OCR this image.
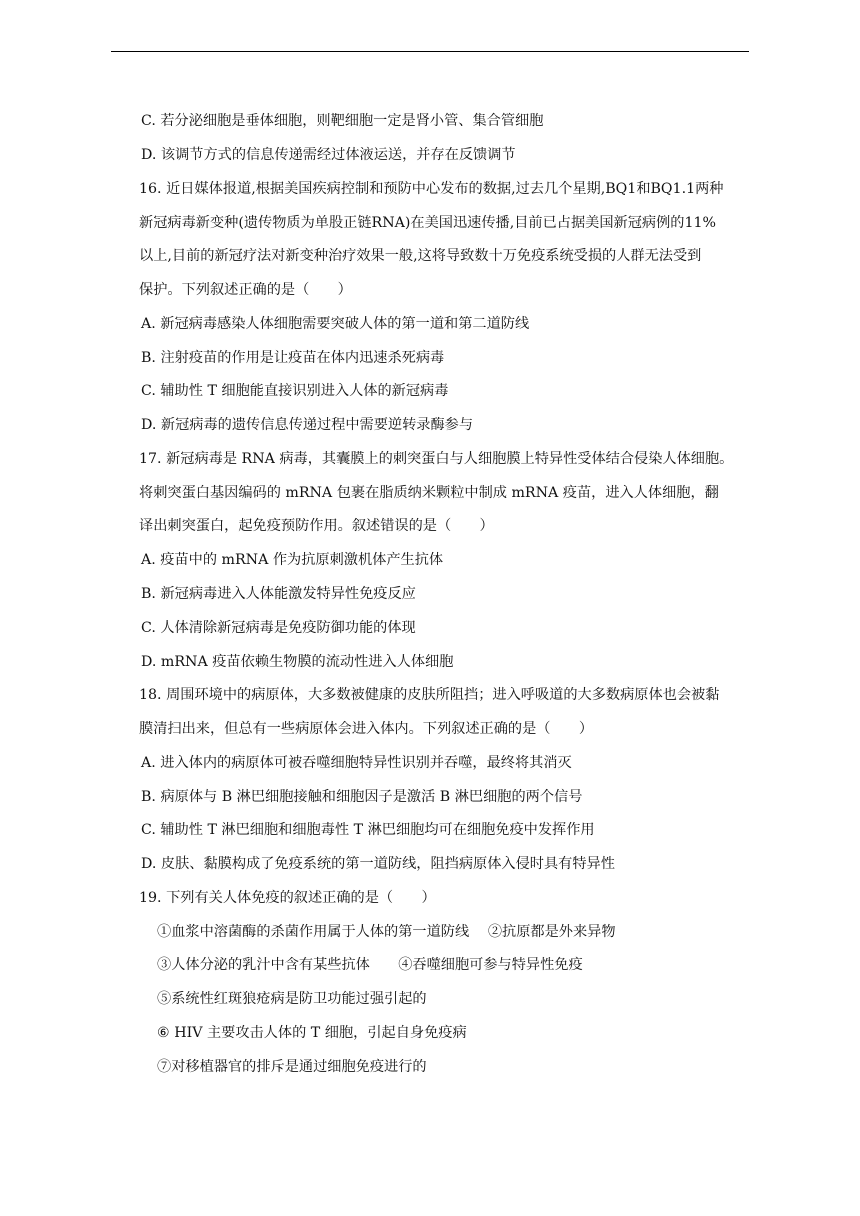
C. 若分泌细胞是垂体细胞，则靶细胞一定是肾小管、集合管细胞
D. 该调节方式的信息传递需经过体液运送，并存在反馈调节
16. 近日媒体报道,根据美国疾病控制和预防中心发布的数据,过去几个星期,BQ1和BQ1.1两种
新冠病毒新变种(遗传物质为单股正链RNA)在美国迅速传播,目前已占据美国新冠病例的11%
以上,目前的新冠疗法对新变种治疗效果一般,这将导致数十万免疫系统受损的人群无法受到
保护。下列叙述正确的是（　　）
A. 新冠病毒感染人体细胞需要突破人体的第一道和第二道防线
B. 注射疫苗的作用是让疫苗在体内迅速杀死病毒
C. 辅助性 T 细胞能直接识别进入人体的新冠病毒
D. 新冠病毒的遗传信息传递过程中需要逆转录酶参与
17. 新冠病毒是 RNA 病毒，其囊膜上的刺突蛋白与人细胞膜上特异性受体结合侵染人体细胞。
将刺突蛋白基因编码的 mRNA 包裹在脂质纳米颗粒中制成 mRNA 疫苗，进入人体细胞，翻
译出刺突蛋白，起免疫预防作用。叙述错误的是（　　）
A. 疫苗中的 mRNA 作为抗原刺激机体产生抗体
B. 新冠病毒进入人体能激发特异性免疫反应
C. 人体清除新冠病毒是免疫防御功能的体现
D. mRNA 疫苗依赖生物膜的流动性进入人体细胞
18. 周围环境中的病原体，大多数被健康的皮肤所阻挡；进入呼吸道的大多数病原体也会被黏
膜清扫出来，但总有一些病原体会进入体内。下列叙述正确的是（　　）
A. 进入体内的病原体可被吞噬细胞特异性识别并吞噬，最终将其消灭
B. 病原体与 B 淋巴细胞接触和细胞因子是激活 B 淋巴细胞的两个信号
C. 辅助性 T 淋巴细胞和细胞毒性 T 淋巴细胞均可在细胞免疫中发挥作用
D. 皮肤、黏膜构成了免疫系统的第一道防线，阻挡病原体入侵时具有特异性
19. 下列有关人体免疫的叙述正确的是（　　）
①血浆中溶菌酶的杀菌作用属于人体的第一道防线　 ②抗原都是外来异物
③人体分泌的乳汁中含有某些抗体　　④吞噬细胞可参与特异性免疫
⑤系统性红斑狼疮病是防卫功能过强引起的
⑥ HIV 主要攻击人体的 T 细胞，引起自身免疫病
⑦对移植器官的排斥是通过细胞免疫进行的
